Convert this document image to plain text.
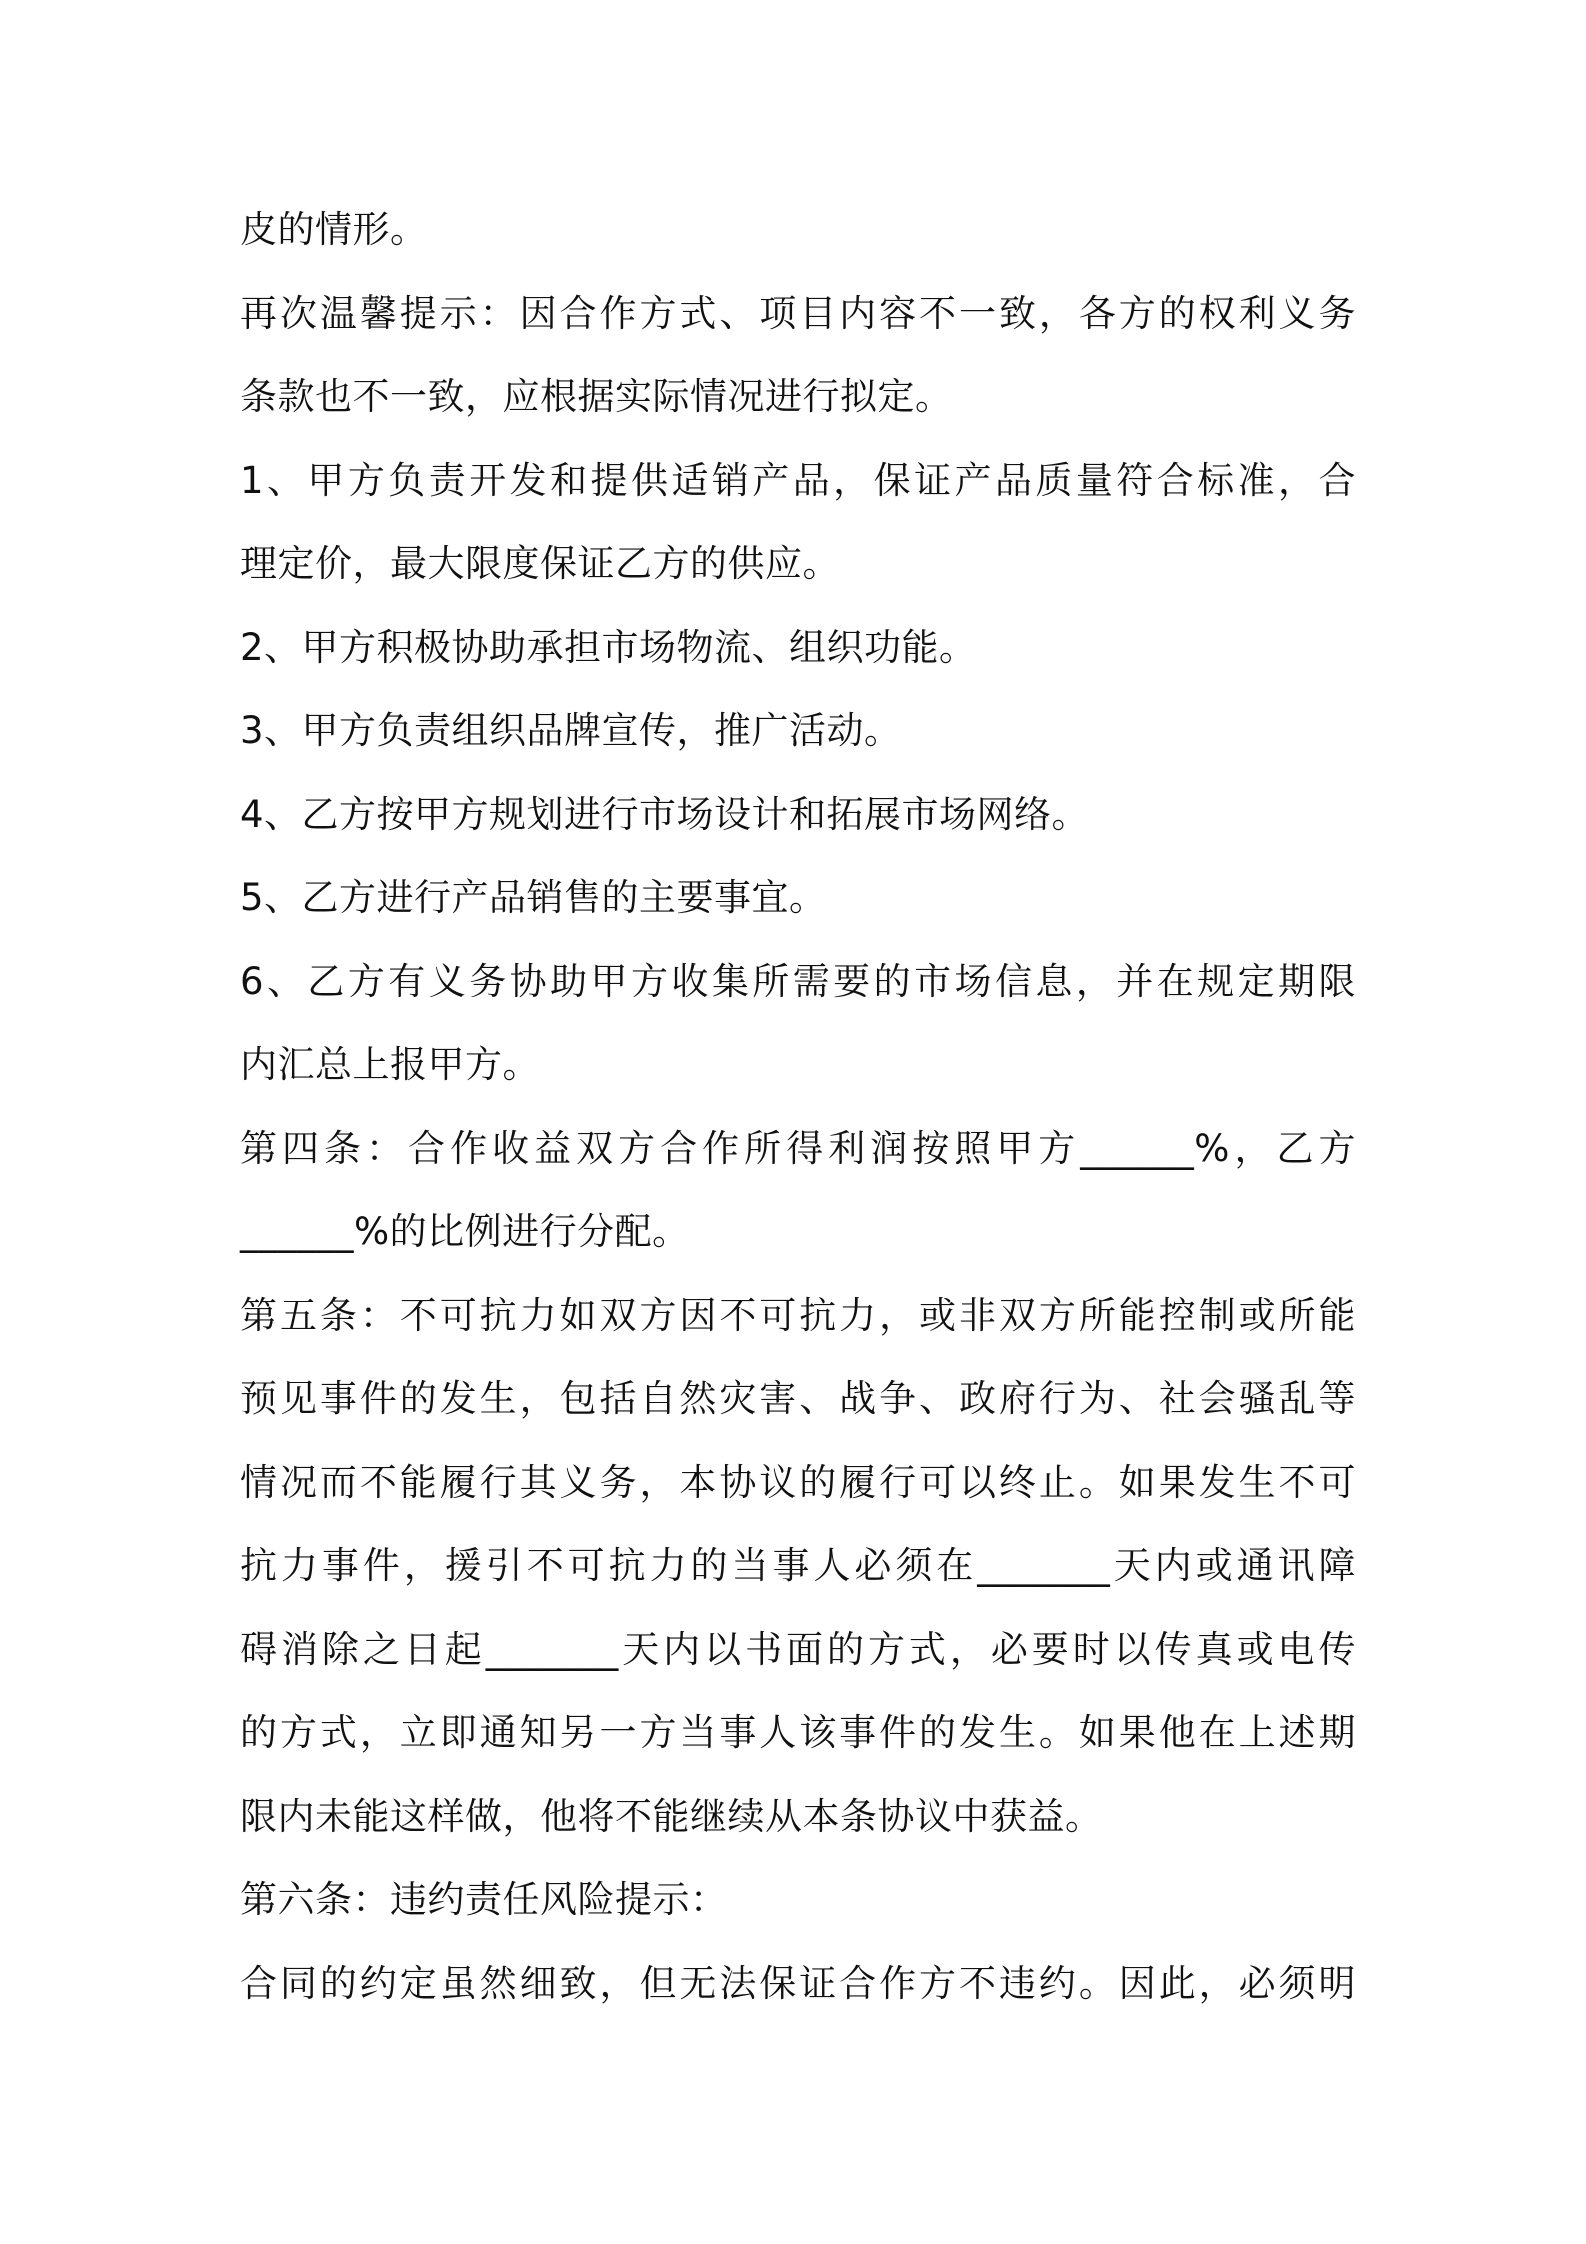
皮的情形。
再次温馨提示：因合作方式、项目内容不一致，各方的权利义务
条款也不一致，应根据实际情况进行拟定。
1、甲方负责开发和提供适销产品，保证产品质量符合标准，合
理定价，最大限度保证乙方的供应。
2、甲方积极协助承担市场物流、组织功能。
3、甲方负责组织品牌宣传，推广活动。
4、乙方按甲方规划进行市场设计和拓展市场网络。
5、乙方进行产品销售的主要事宜。
6、乙方有义务协助甲方收集所需要的市场信息，并在规定期限
内汇总上报甲方。
第四条：合作收益双方合作所得利润按照甲方______%，乙方
______%的比例进行分配。
第五条：不可抗力如双方因不可抗力，或非双方所能控制或所能
预见事件的发生，包括自然灾害、战争、政府行为、社会骚乱等
情况而不能履行其义务，本协议的履行可以终止。如果发生不可
抗力事件，援引不可抗力的当事人必须在_______天内或通讯障
碍消除之日起_______天内以书面的方式，必要时以传真或电传
的方式，立即通知另一方当事人该事件的发生。如果他在上述期
限内未能这样做，他将不能继续从本条协议中获益。
第六条：违约责任风险提示：
合同的约定虽然细致，但无法保证合作方不违约。因此，必须明
